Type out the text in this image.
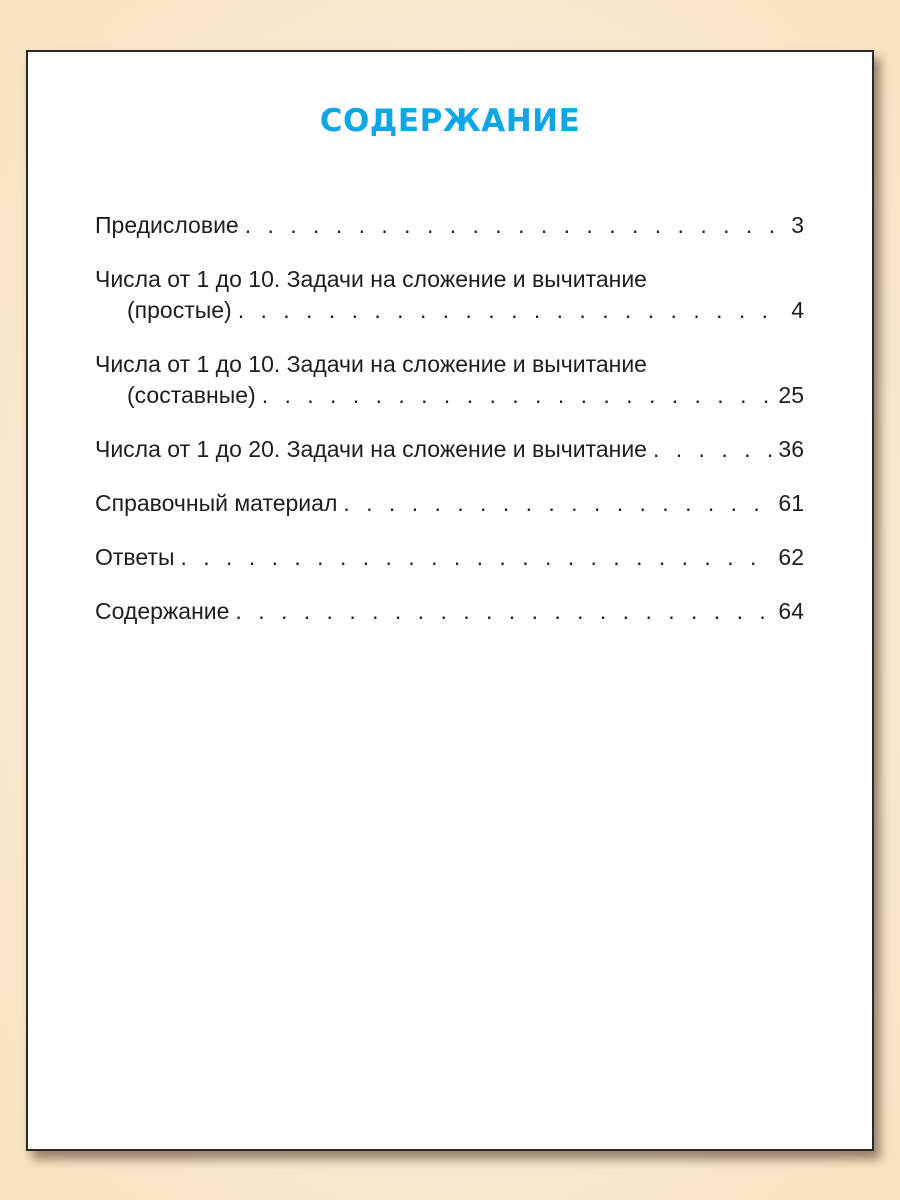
СОДЕРЖАНИЕ
Предисловие . . .	3
Числа от 1 до 10. Задачи на сложение и вычитание
(простые) . . .	4
Числа от 1 до 10. Задачи на сложение и вычитание
(составные) . . .	25
Числа от 1 до 20. Задачи на сложение и вычитание . . .	36
Справочный материал . . .	61
Ответы . . .	62
Содержание . . .	64
